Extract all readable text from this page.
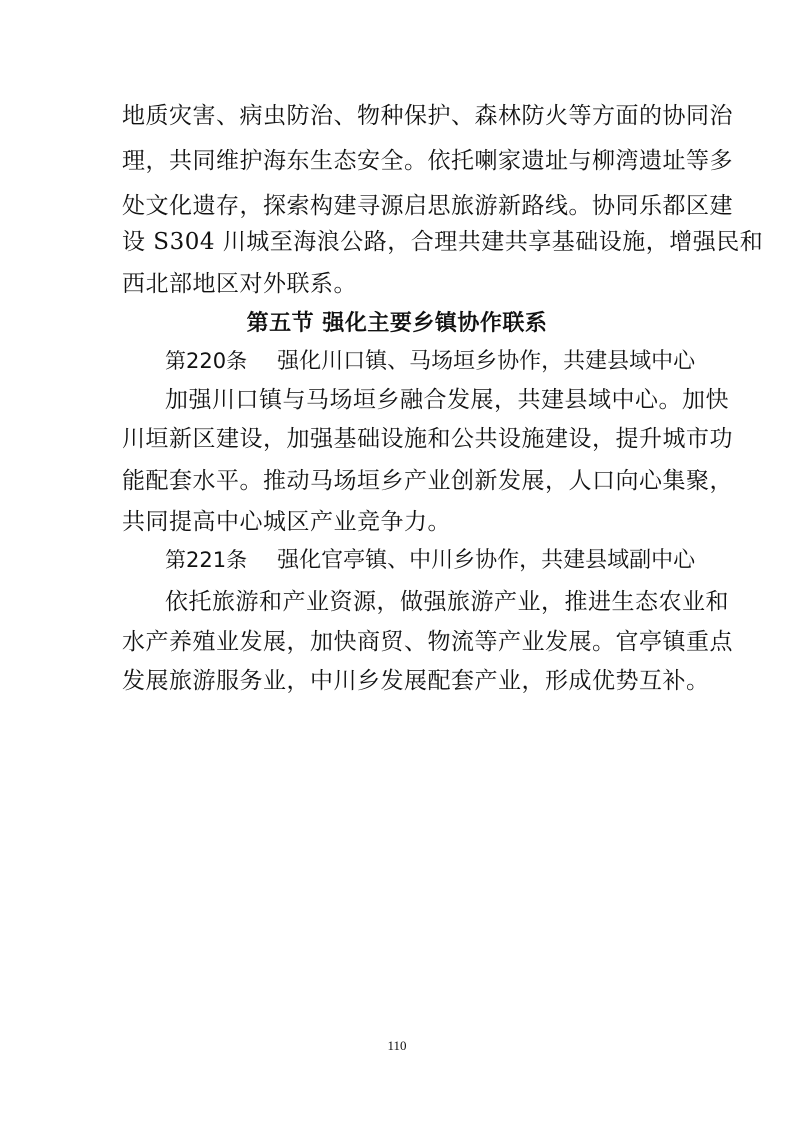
地质灾害、病虫防治、物种保护、森林防火等方面的协同治
理，共同维护海东生态安全。依托喇家遗址与柳湾遗址等多
处文化遗存，探索构建寻源启思旅游新路线。协同乐都区建
设 S304 川城至海浪公路，合理共建共享基础设施，增强民和
西北部地区对外联系。
第五节 强化主要乡镇协作联系
第220条 强化川口镇、马场垣乡协作，共建县域中心
加强川口镇与马场垣乡融合发展，共建县域中心。加快
川垣新区建设，加强基础设施和公共设施建设，提升城市功
能配套水平。推动马场垣乡产业创新发展，人口向心集聚，
共同提高中心城区产业竞争力。
第221条 强化官亭镇、中川乡协作，共建县域副中心
依托旅游和产业资源，做强旅游产业，推进生态农业和
水产养殖业发展，加快商贸、物流等产业发展。官亭镇重点
发展旅游服务业，中川乡发展配套产业，形成优势互补。
110
